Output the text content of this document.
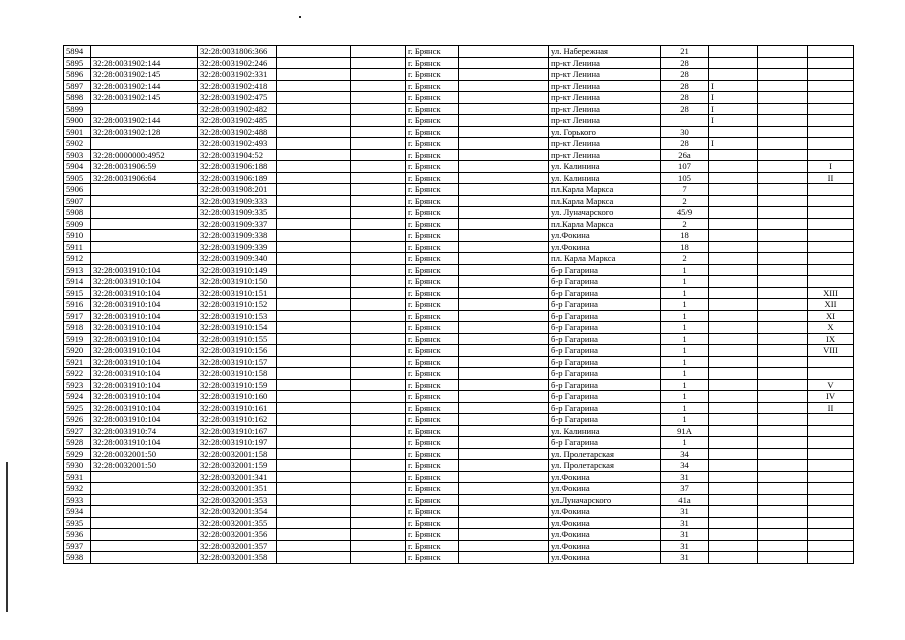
5894		32:28:0031806:366			г. Брянск		ул. Набережная	21			
5895	32:28:0031902:144	32:28:0031902:246			г. Брянск		пр-кт Ленина	28			
5896	32:28:0031902:145	32:28:0031902:331			г. Брянск		пр-кт Ленина	28			
5897	32:28:0031902:144	32:28:0031902:418			г. Брянск		пр-кт Ленина	28	I		
5898	32:28:0031902:145	32:28:0031902:475			г. Брянск		пр-кт Ленина	28	I		
5899		32:28:0031902:482			г. Брянск		пр-кт Ленина	28	I		
5900	32:28:0031902:144	32:28:0031902:485			г. Брянск		пр-кт Ленина		I		
5901	32:28:0031902:128	32:28:0031902:488			г. Брянск		ул. Горького	30			
5902		32:28:0031902:493			г. Брянск		пр-кт Ленина	28	I		
5903	32:28:0000000:4952	32:28:0031904:52			г. Брянск		пр-кт Ленина	26а			
5904	32:28:0031906:59	32:28:0031906:188			г. Брянск		ул. Калинина	107			I
5905	32:28:0031906:64	32:28:0031906:189			г. Брянск		ул. Калинина	105			II
5906		32:28:0031908:201			г. Брянск		пл.Карла Маркса	7			
5907		32:28:0031909:333			г. Брянск		пл.Карла Маркса	2			
5908		32:28:0031909:335			г. Брянск		ул. Луначарского	45/9			
5909		32:28:0031909:337			г. Брянск		пл.Карла Маркса	2			
5910		32:28:0031909:338			г. Брянск		ул.Фокина	18			
5911		32:28:0031909:339			г. Брянск		ул.Фокина	18			
5912		32:28:0031909:340			г. Брянск		пл. Карла Маркса	2			
5913	32:28:0031910:104	32:28:0031910:149			г. Брянск		б-р Гагарина	1			
5914	32:28:0031910:104	32:28:0031910:150			г. Брянск		б-р Гагарина	1			
5915	32:28:0031910:104	32:28:0031910:151			г. Брянск		б-р Гагарина	1			XIII
5916	32:28:0031910:104	32:28:0031910:152			г. Брянск		б-р Гагарина	1			XII
5917	32:28:0031910:104	32:28:0031910:153			г. Брянск		б-р Гагарина	1			XI
5918	32:28:0031910:104	32:28:0031910:154			г. Брянск		б-р Гагарина	1			X
5919	32:28:0031910:104	32:28:0031910:155			г. Брянск		б-р Гагарина	1			IX
5920	32:28:0031910:104	32:28:0031910:156			г. Брянск		б-р Гагарина	1			VIII
5921	32:28:0031910:104	32:28:0031910:157			г. Брянск		б-р Гагарина	1			
5922	32:28:0031910:104	32:28:0031910:158			г. Брянск		б-р Гагарина	1			
5923	32:28:0031910:104	32:28:0031910:159			г. Брянск		б-р Гагарина	1			V
5924	32:28:0031910:104	32:28:0031910:160			г. Брянск		б-р Гагарина	1			IV
5925	32:28:0031910:104	32:28:0031910:161			г. Брянск		б-р Гагарина	1			II
5926	32:28:0031910:104	32:28:0031910:162			г. Брянск		б-р Гагарина	1			
5927	32:28:0031910:74	32:28:0031910:167			г. Брянск		ул. Калинина	91А			
5928	32:28:0031910:104	32:28:0031910:197			г. Брянск		б-р Гагарина	1			
5929	32:28:0032001:50	32:28:0032001:158			г. Брянск		ул. Пролетарская	34			
5930	32:28:0032001:50	32:28:0032001:159			г. Брянск		ул. Пролетарская	34			
5931		32:28:0032001:341			г. Брянск		ул.Фокина	31			
5932		32:28:0032001:351			г. Брянск		ул.Фокина	37			
5933		32:28:0032001:353			г. Брянск		ул.Луначарского	41а			
5934		32:28:0032001:354			г. Брянск		ул.Фокина	31			
5935		32:28:0032001:355			г. Брянск		ул.Фокина	31			
5936		32:28:0032001:356			г. Брянск		ул.Фокина	31			
5937		32:28:0032001:357			г. Брянск		ул.Фокина	31			
5938		32:28:0032001:358			г. Брянск		ул.Фокина	31			
